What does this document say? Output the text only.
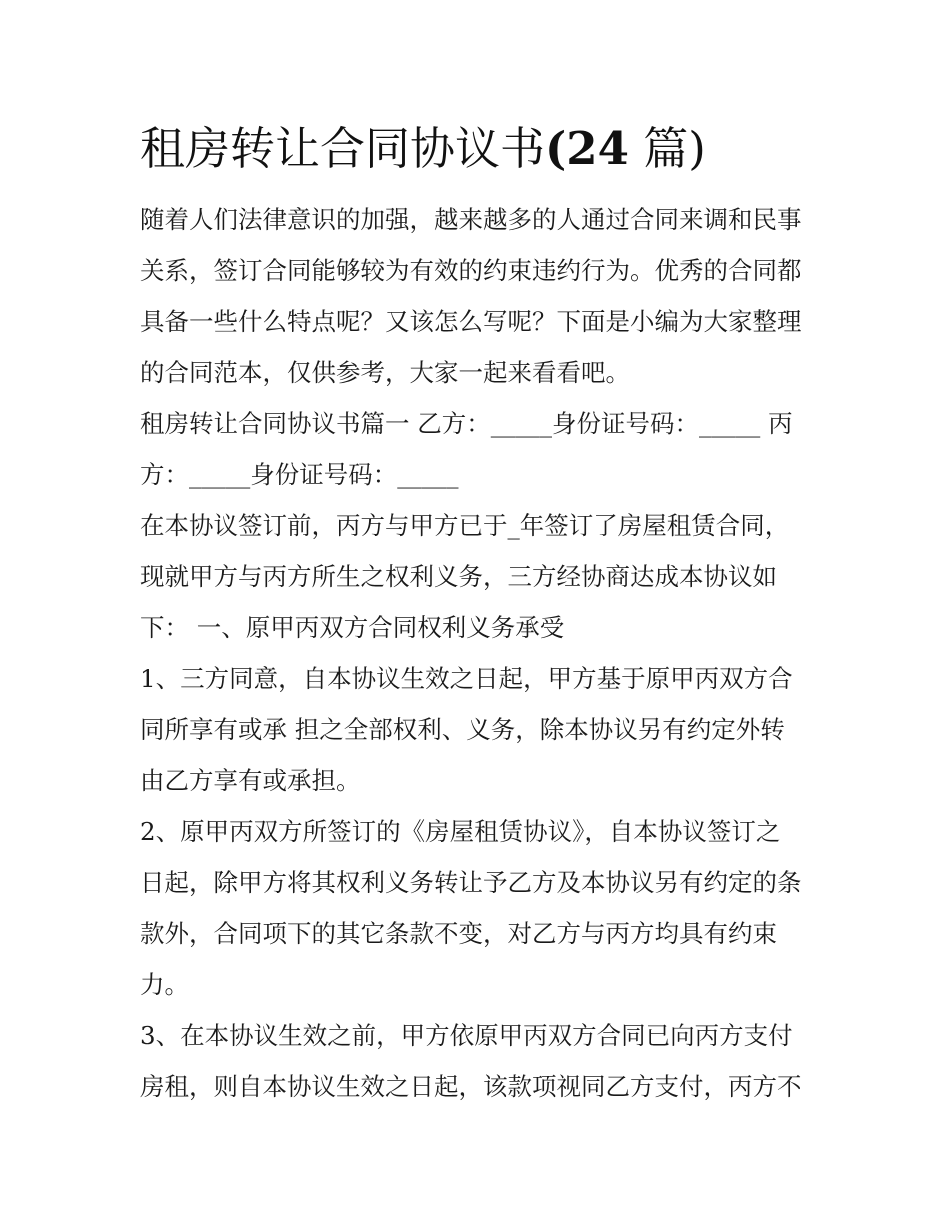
租房转让合同协议书(24 篇)

随着人们法律意识的加强，越来越多的人通过合同来调和民事
关系，签订合同能够较为有效的约束违约行为。优秀的合同都
具备一些什么特点呢？又该怎么写呢？下面是小编为大家整理
的合同范本，仅供参考，大家一起来看看吧。

租房转让合同协议书篇一 乙方：_____身份证号码：_____ 丙
方：_____身份证号码：_____

在本协议签订前，丙方与甲方已于_年签订了房屋租赁合同，
现就甲方与丙方所生之权利义务，三方经协商达成本协议如
下： 一、原甲丙双方合同权利义务承受

1、三方同意，自本协议生效之日起，甲方基于原甲丙双方合
同所享有或承 担之全部权利、义务，除本协议另有约定外转
由乙方享有或承担。

2、原甲丙双方所签订的《房屋租赁协议》，自本协议签订之
日起，除甲方将其权利义务转让予乙方及本协议另有约定的条
款外，合同项下的其它条款不变，对乙方与丙方均具有约束
力。

3、在本协议生效之前，甲方依原甲丙双方合同已向丙方支付
房租，则自本协议生效之日起，该款项视同乙方支付，丙方不
